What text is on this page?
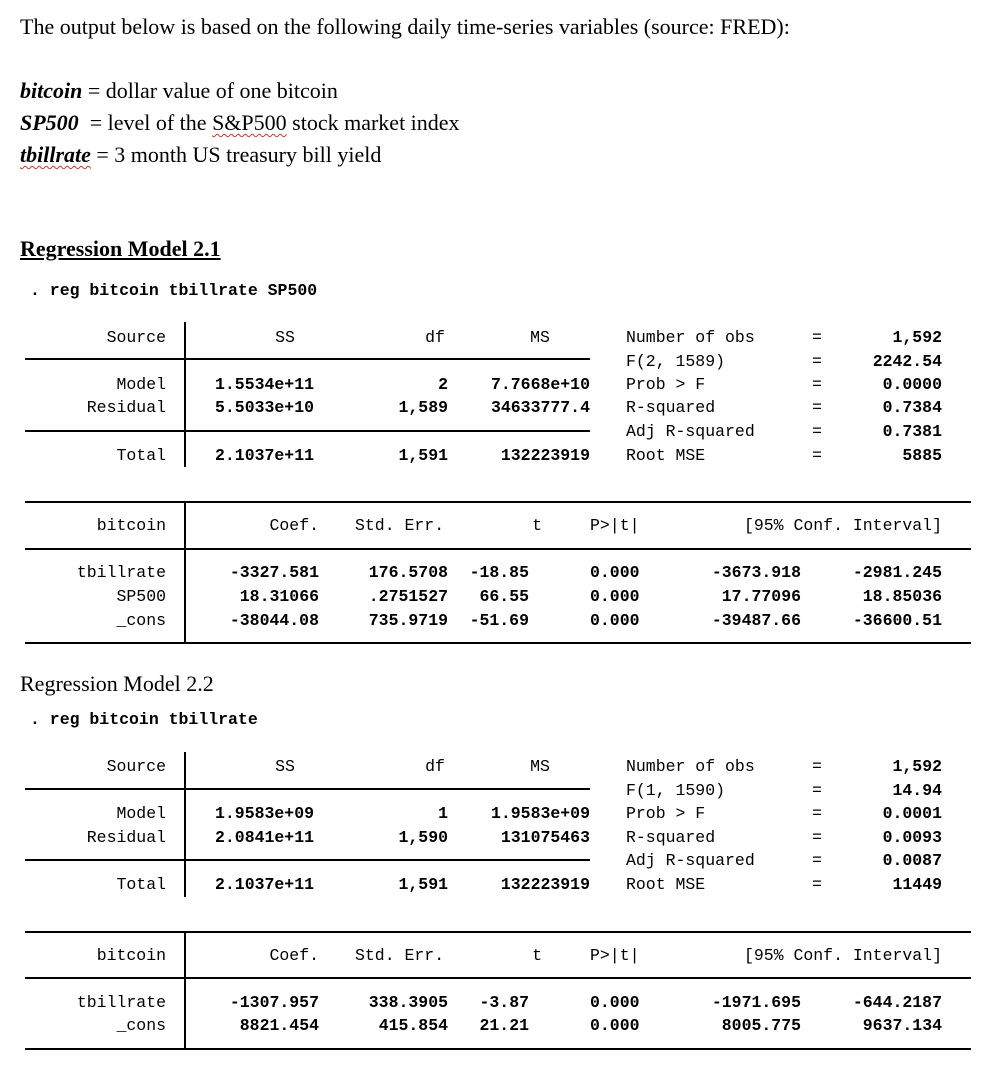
The output below is based on the following daily time-series variables (source: FRED):
bitcoin = dollar value of one bitcoin
SP500  = level of the S&P500 stock market index
tbillrate = 3 month US treasury bill yield
Regression Model 2.1
. reg bitcoin tbillrate SP500
Source	SS	df	MS
Model	1.5534e+11	2	7.7668e+10
Residual	5.5033e+10	1,589	34633777.4
Total	2.1037e+11	1,591	132223919
Number of obs	=	1,592
F(2, 1589)	=	2242.54
Prob > F	=	0.0000
R-squared	=	0.7384
Adj R-squared	=	0.7381
Root MSE	=	5885
bitcoin	Coef. Std. Err.	t	P>|t|	[95% Conf. Interval]
tbillrate	-3327.581	176.5708 -18.85	0.000	-3673.918	-2981.245
SP500	18.31066	.2751527 66.55	0.000	17.77096	18.85036
_cons	-38044.08	735.9719 -51.69	0.000	-39487.66	-36600.51
Regression Model 2.2
. reg bitcoin tbillrate
Source	SS	df	MS
Model	1.9583e+09	1	1.9583e+09
Residual	2.0841e+11	1,590	131075463
Total	2.1037e+11	1,591	132223919
Number of obs	=	1,592
F(1, 1590)	=	14.94
Prob > F	=	0.0001
R-squared	=	0.0093
Adj R-squared	=	0.0087
Root MSE	=	11449
bitcoin	Coef. Std. Err.	t	P>|t|	[95% Conf. Interval]
tbillrate	-1307.957	338.3905 -3.87	0.000	-1971.695	-644.2187
_cons	8821.454	415.854 21.21	0.000	8005.775	9637.134
